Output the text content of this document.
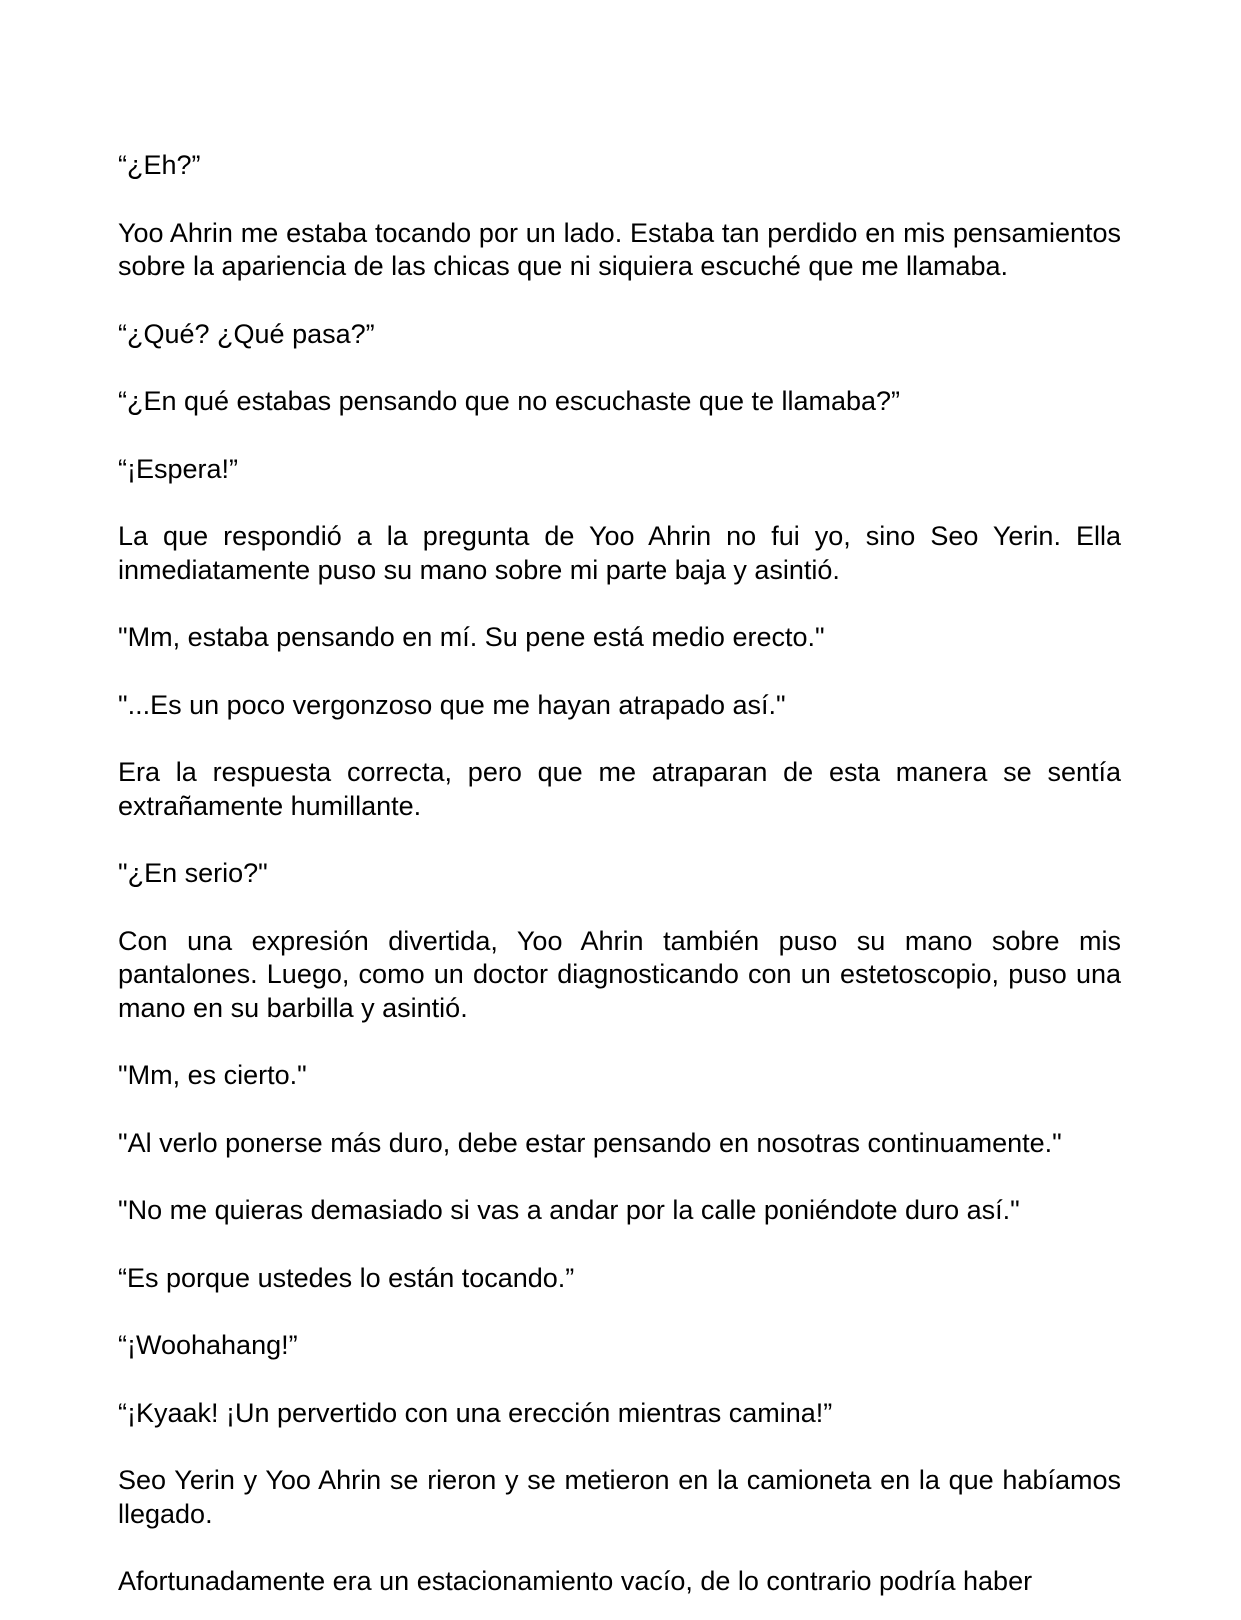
“¿Eh?”

Yoo Ahrin me estaba tocando por un lado. Estaba tan perdido en mis pensamientos sobre la apariencia de las chicas que ni siquiera escuché que me llamaba.

“¿Qué? ¿Qué pasa?”

“¿En qué estabas pensando que no escuchaste que te llamaba?”

“¡Espera!”

La que respondió a la pregunta de Yoo Ahrin no fui yo, sino Seo Yerin. Ella inmediatamente puso su mano sobre mi parte baja y asintió.

"Mm, estaba pensando en mí. Su pene está medio erecto."

"...Es un poco vergonzoso que me hayan atrapado así."

Era la respuesta correcta, pero que me atraparan de esta manera se sentía extrañamente humillante.

"¿En serio?"

Con una expresión divertida, Yoo Ahrin también puso su mano sobre mis pantalones. Luego, como un doctor diagnosticando con un estetoscopio, puso una mano en su barbilla y asintió.

"Mm, es cierto."

"Al verlo ponerse más duro, debe estar pensando en nosotras continuamente."

"No me quieras demasiado si vas a andar por la calle poniéndote duro así."

“Es porque ustedes lo están tocando.”

“¡Woohahang!”

“¡Kyaak! ¡Un pervertido con una erección mientras camina!”

Seo Yerin y Yoo Ahrin se rieron y se metieron en la camioneta en la que habíamos llegado.

Afortunadamente era un estacionamiento vacío, de lo contrario podría haber
